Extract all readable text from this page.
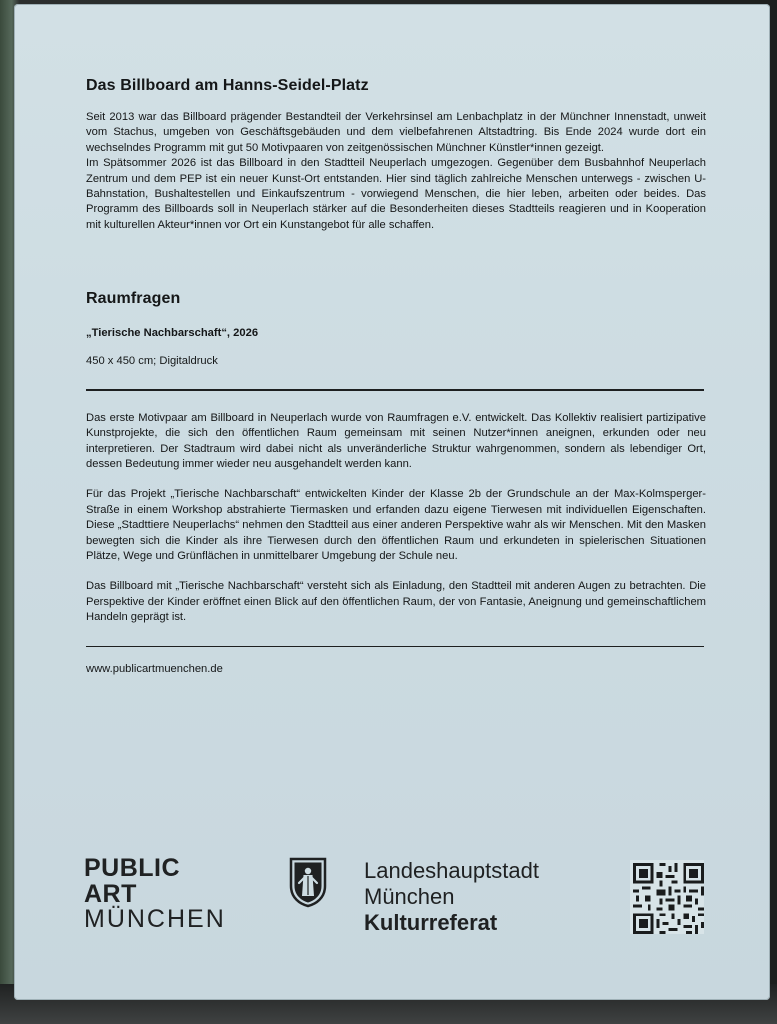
Das Billboard am Hanns-Seidel-Platz

Seit 2013 war das Billboard prägender Bestandteil der Verkehrsinsel am Lenbachplatz in der Münchner Innenstadt, unweit vom Stachus, umgeben von Geschäftsgebäuden und dem vielbefahrenen Altstadtring. Bis Ende 2024 wurde dort ein wechselndes Programm mit gut 50 Motivpaaren von zeitgenössischen Münchner Künstler*innen gezeigt.

Im Spätsommer 2026 ist das Billboard in den Stadtteil Neuperlach umgezogen. Gegenüber dem Busbahnhof Neuperlach Zentrum und dem PEP ist ein neuer Kunst-Ort entstanden. Hier sind täglich zahlreiche Menschen unterwegs - zwischen U-Bahnstation, Bushaltestellen und Einkaufszentrum - vorwiegend Menschen, die hier leben, arbeiten oder beides. Das Programm des Billboards soll in Neuperlach stärker auf die Besonderheiten dieses Stadtteils reagieren und in Kooperation mit kulturellen Akteur*innen vor Ort ein Kunstangebot für alle schaffen.

Raumfragen
„Tierische Nachbarschaft“, 2026
450 x 450 cm; Digitaldruck

Das erste Motivpaar am Billboard in Neuperlach wurde von Raumfragen e.V. entwickelt. Das Kollektiv realisiert partizipative Kunstprojekte, die sich den öffentlichen Raum gemeinsam mit seinen Nutzer*innen aneignen, erkunden oder neu interpretieren. Der Stadtraum wird dabei nicht als unveränderliche Struktur wahrgenommen, sondern als lebendiger Ort, dessen Bedeutung immer wieder neu ausgehandelt werden kann.

Für das Projekt „Tierische Nachbarschaft“ entwickelten Kinder der Klasse 2b der Grundschule an der Max-Kolmsperger-Straße in einem Workshop abstrahierte Tiermasken und erfanden dazu eigene Tierwesen mit individuellen Eigenschaften. Diese „Stadttiere Neuperlachs“ nehmen den Stadtteil aus einer anderen Perspektive wahr als wir Menschen. Mit den Masken bewegten sich die Kinder als ihre Tierwesen durch den öffentlichen Raum und erkundeten in spielerischen Situationen Plätze, Wege und Grünflächen in unmittelbarer Umgebung der Schule neu.

Das Billboard mit „Tierische Nachbarschaft“ versteht sich als Einladung, den Stadtteil mit anderen Augen zu betrachten. Die Perspektive der Kinder eröffnet einen Blick auf den öffentlichen Raum, der von Fantasie, Aneignung und gemeinschaftlichem Handeln geprägt ist.

www.publicartmuenchen.de
PUBLIC
ART
MÜNCHEN
Landeshauptstadt
München
Kulturreferat
